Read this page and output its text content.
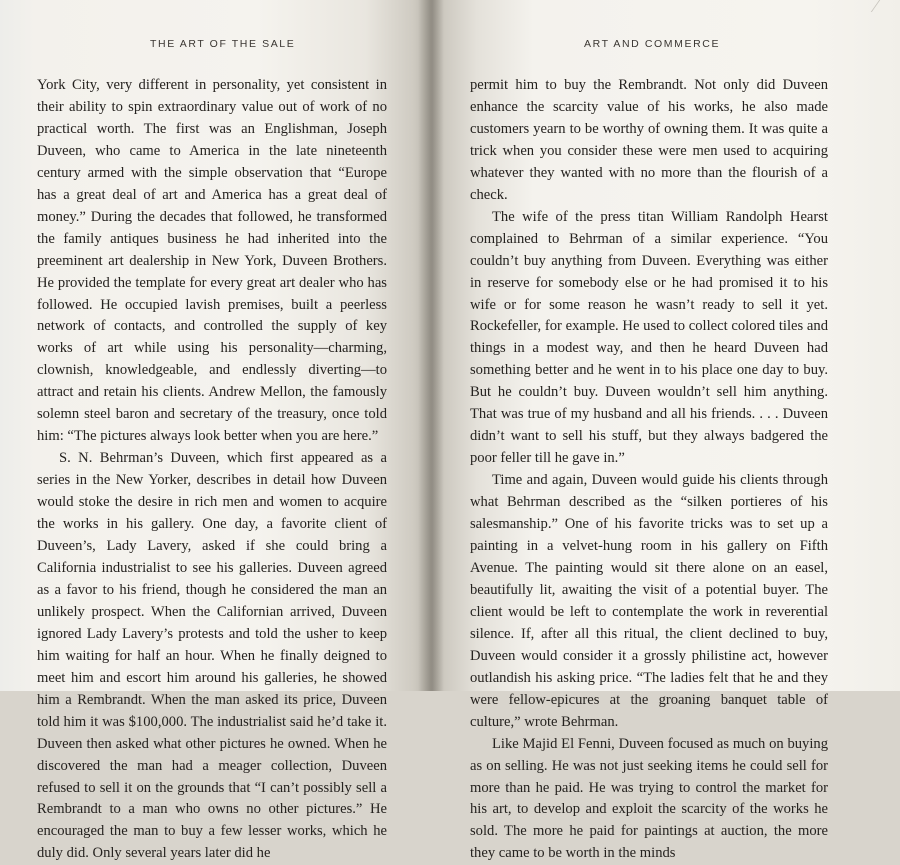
THE ART OF THE SALE

York City, very different in personality, yet consistent in their ability to spin extraordinary value out of work of no practical worth. The first was an Englishman, Joseph Duveen, who came to America in the late nineteenth century armed with the simple observation that “Europe has a great deal of art and America has a great deal of money.” During the decades that followed, he transformed the family antiques business he had inherited into the preeminent art dealership in New York, Duveen Brothers. He provided the template for every great art dealer who has followed. He occupied lavish premises, built a peerless network of contacts, and controlled the supply of key works of art while using his personality—charming, clownish, knowledgeable, and endlessly diverting—to attract and retain his clients. Andrew Mellon, the famously solemn steel baron and secretary of the treasury, once told him: “The pictures always look better when you are here.”

S. N. Behrman’s Duveen, which first appeared as a series in the New Yorker, describes in detail how Duveen would stoke the desire in rich men and women to acquire the works in his gallery. One day, a favorite client of Duveen’s, Lady Lavery, asked if she could bring a California industrialist to see his galleries. Duveen agreed as a favor to his friend, though he considered the man an unlikely prospect. When the Californian arrived, Duveen ignored Lady Lavery’s protests and told the usher to keep him waiting for half an hour. When he finally deigned to meet him and escort him around his galleries, he showed him a Rembrandt. When the man asked its price, Duveen told him it was $100,000. The industrialist said he’d take it. Duveen then asked what other pictures he owned. When he discovered the man had a meager collection, Duveen refused to sell it on the grounds that “I can’t possibly sell a Rembrandt to a man who owns no other pictures.” He encouraged the man to buy a few lesser works, which he duly did. Only several years later did he

ART AND COMMERCE

permit him to buy the Rembrandt. Not only did Duveen enhance the scarcity value of his works, he also made customers yearn to be worthy of owning them. It was quite a trick when you consider these were men used to acquiring whatever they wanted with no more than the flourish of a check.

The wife of the press titan William Randolph Hearst complained to Behrman of a similar experience. “You couldn’t buy anything from Duveen. Everything was either in reserve for somebody else or he had promised it to his wife or for some reason he wasn’t ready to sell it yet. Rockefeller, for example. He used to collect colored tiles and things in a modest way, and then he heard Duveen had something better and he went in to his place one day to buy. But he couldn’t buy. Duveen wouldn’t sell him anything. That was true of my husband and all his friends. . . . Duveen didn’t want to sell his stuff, but they always badgered the poor feller till he gave in.”

Time and again, Duveen would guide his clients through what Behrman described as the “silken portieres of his salesmanship.” One of his favorite tricks was to set up a painting in a velvet-hung room in his gallery on Fifth Avenue. The painting would sit there alone on an easel, beautifully lit, awaiting the visit of a potential buyer. The client would be left to contemplate the work in reverential silence. If, after all this ritual, the client declined to buy, Duveen would consider it a grossly philistine act, however outlandish his asking price. “The ladies felt that he and they were fellow-epicures at the groaning banquet table of culture,” wrote Behrman.

Like Majid El Fenni, Duveen focused as much on buying as on selling. He was not just seeking items he could sell for more than he paid. He was trying to control the market for his art, to develop and exploit the scarcity of the works he sold. The more he paid for paintings at auction, the more they came to be worth in the minds
